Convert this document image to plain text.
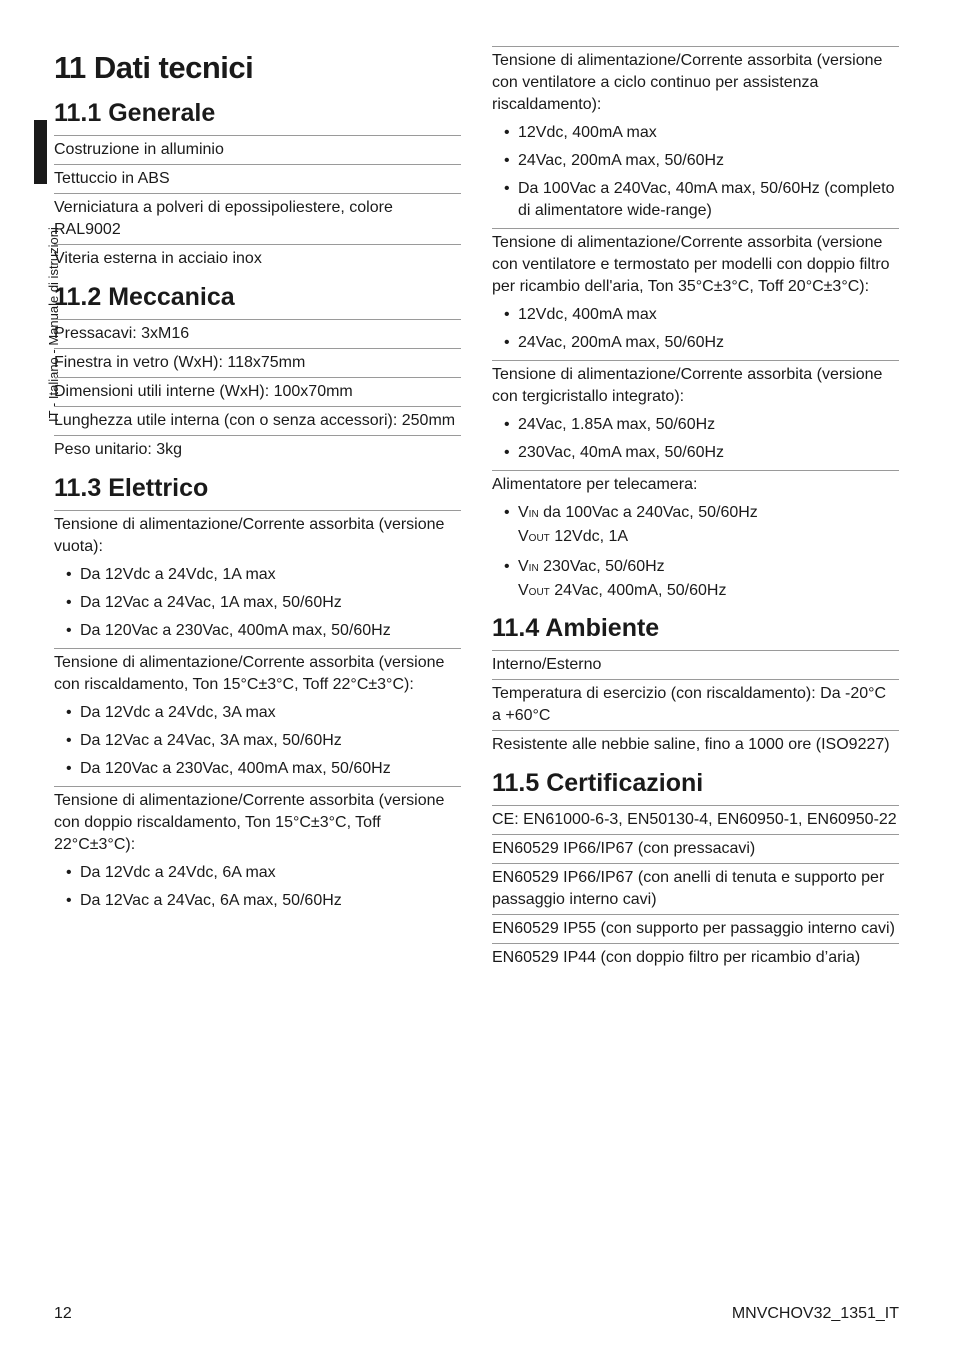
IT - Italiano - Manuale di istruzioni
11 Dati tecnici
11.1 Generale
Costruzione in alluminio
Tettuccio in ABS
Verniciatura a polveri di epossipoliestere, colore RAL9002
Viteria esterna in acciaio inox
11.2 Meccanica
Pressacavi: 3xM16
Finestra in vetro (WxH): 118x75mm
Dimensioni utili interne (WxH): 100x70mm
Lunghezza utile interna (con o senza accessori): 250mm
Peso unitario: 3kg
11.3 Elettrico
Tensione di alimentazione/Corrente assorbita (versione vuota):
• Da 12Vdc a 24Vdc, 1A max
• Da 12Vac a 24Vac, 1A max, 50/60Hz
• Da 120Vac a 230Vac, 400mA max, 50/60Hz
Tensione di alimentazione/Corrente assorbita (versione con riscaldamento, Ton 15°C±3°C, Toff 22°C±3°C):
• Da 12Vdc a 24Vdc, 3A max
• Da 12Vac a 24Vac, 3A max, 50/60Hz
• Da 120Vac a 230Vac, 400mA max, 50/60Hz
Tensione di alimentazione/Corrente assorbita (versione con doppio riscaldamento, Ton 15°C±3°C, Toff 22°C±3°C):
• Da 12Vdc a 24Vdc, 6A max
• Da 12Vac a 24Vac, 6A max, 50/60Hz
Tensione di alimentazione/Corrente assorbita (versione con ventilatore a ciclo continuo per assistenza riscaldamento):
• 12Vdc, 400mA max
• 24Vac, 200mA max, 50/60Hz
• Da 100Vac a 240Vac, 40mA max, 50/60Hz (completo di alimentatore wide-range)
Tensione di alimentazione/Corrente assorbita (versione con ventilatore e termostato per modelli con doppio filtro per ricambio dell'aria, Ton 35°C±3°C, Toff 20°C±3°C):
• 12Vdc, 400mA max
• 24Vac, 200mA max, 50/60Hz
Tensione di alimentazione/Corrente assorbita (versione con tergicristallo integrato):
• 24Vac, 1.85A max, 50/60Hz
• 230Vac, 40mA max, 50/60Hz
Alimentatore per telecamera:
• VIN da 100Vac a 240Vac, 50/60Hz
VOUT 12Vdc, 1A
• VIN 230Vac, 50/60Hz
VOUT 24Vac, 400mA, 50/60Hz
11.4 Ambiente
Interno/Esterno
Temperatura di esercizio (con riscaldamento): Da -20°C a +60°C
Resistente alle nebbie saline, fino a 1000 ore (ISO9227)
11.5 Certificazioni
CE: EN61000-6-3, EN50130-4, EN60950-1, EN60950-22
EN60529 IP66/IP67 (con pressacavi)
EN60529 IP66/IP67 (con anelli di tenuta e supporto per passaggio interno cavi)
EN60529 IP55 (con supporto per passaggio interno cavi)
EN60529 IP44 (con doppio filtro per ricambio d’aria)
12	MNVCHOV32_1351_IT
